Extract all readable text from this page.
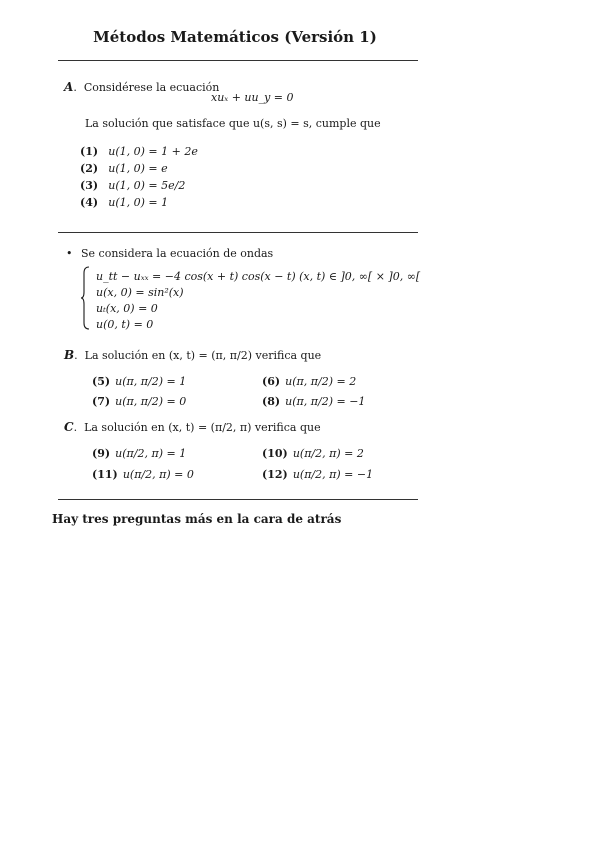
Métodos Matemáticos (Versión 1)
A.  Considérese la ecuación
xuₓ + uu_y = 0
La solución que satisface que u(s, s) = s, cumple que
(1) u(1, 0) = 1 + 2e
(2) u(1, 0) = e
(3) u(1, 0) = 5e/2
(4) u(1, 0) = 1
• Se considera la ecuación de ondas
u_tt − uₓₓ = −4 cos(x + t) cos(x − t) (x, t) ∈ ]0, ∞[ × ]0, ∞[
u(x, 0) = sin²(x)
uₜ(x, 0) = 0
u(0, t) = 0
B.  La solución en (x, t) = (π, π/2) verifica que
(5) u(π, π/2) = 1	(6) u(π, π/2) = 2
(7) u(π, π/2) = 0	(8) u(π, π/2) = −1
C.  La solución en (x, t) = (π/2, π) verifica que
(9) u(π/2, π) = 1	(10) u(π/2, π) = 2
(11) u(π/2, π) = 0	(12) u(π/2, π) = −1
Hay tres preguntas más en la cara de atrás
